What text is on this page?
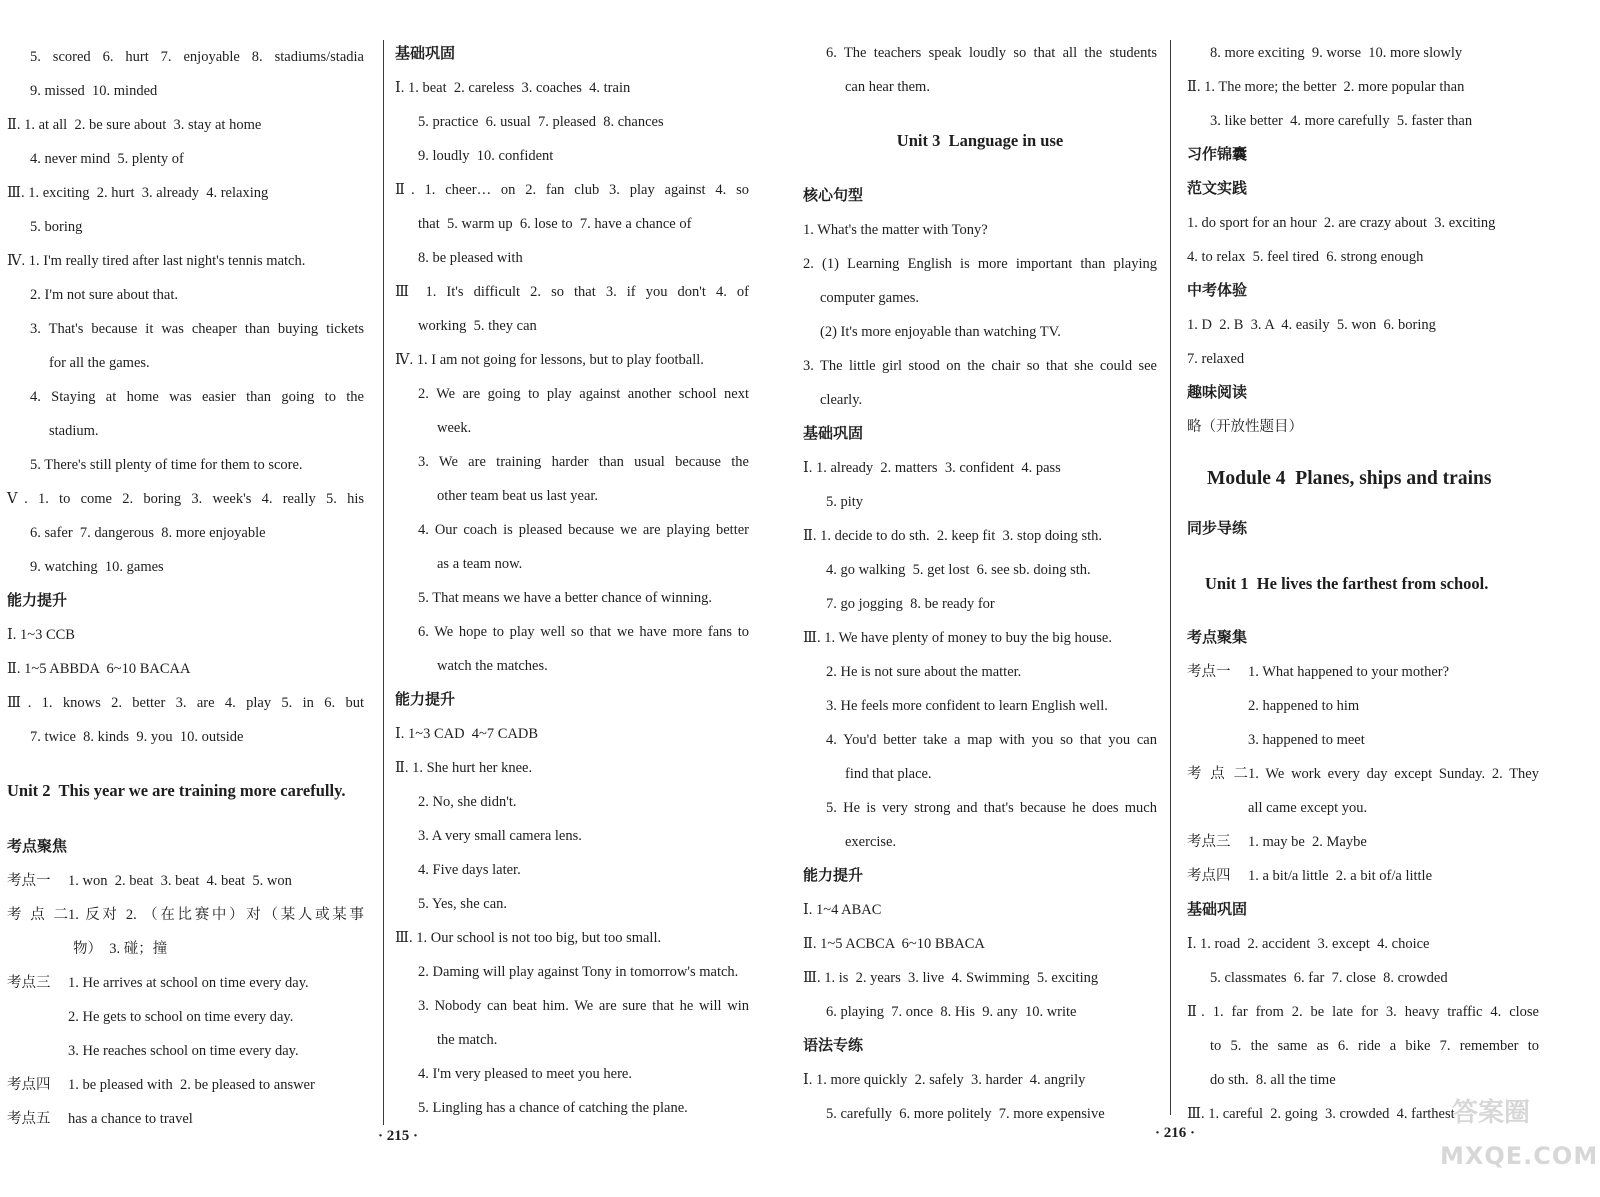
5. scored 6. hurt 7. enjoyable 8. stadiums/stadia
9. missed  10. minded
Ⅱ. 1. at all  2. be sure about  3. stay at home
4. never mind  5. plenty of
Ⅲ. 1. exciting  2. hurt  3. already  4. relaxing
5. boring
Ⅳ. 1. I'm really tired after last night's tennis match.
2. I'm not sure about that.
3. That's because it was cheaper than buying tickets
for all the games.
4. Staying at home was easier than going to the
stadium.
5. There's still plenty of time for them to score.
Ⅴ. 1. to come 2. boring 3. week's 4. really 5. his
6. safer  7. dangerous  8. more enjoyable
9. watching  10. games
能力提升
Ⅰ. 1~3 CCB
Ⅱ. 1~5 ABBDA  6~10 BACAA
Ⅲ. 1. knows 2. better 3. are 4. play 5. in 6. but
7. twice  8. kinds  9. you  10. outside
Unit 2  This year we are training more carefully.
考点聚焦
考点一 1. won  2. beat  3. beat  4. beat  5. won
考点二1. 反对 2. （在比赛中）对（某人或某事
物）  3. 碰；撞
考点三 1. He arrives at school on time every day.
2. He gets to school on time every day.
3. He reaches school on time every day.
考点四 1. be pleased with  2. be pleased to answer
考点五 has a chance to travel
基础巩固
Ⅰ. 1. beat  2. careless  3. coaches  4. train
5. practice  6. usual  7. pleased  8. chances
9. loudly  10. confident
Ⅱ. 1. cheer… on 2. fan club 3. play against 4. so
that  5. warm up  6. lose to  7. have a chance of
8. be pleased with
Ⅲ 1. It's difficult 2. so that 3. if you don't 4. of
working  5. they can
Ⅳ. 1. I am not going for lessons, but to play football.
2. We are going to play against another school next
week.
3. We are training harder than usual because the
other team beat us last year.
4. Our coach is pleased because we are playing better
as a team now.
5. That means we have a better chance of winning.
6. We hope to play well so that we have more fans to
watch the matches.
能力提升
Ⅰ. 1~3 CAD  4~7 CADB
Ⅱ. 1. She hurt her knee.
2. No, she didn't.
3. A very small camera lens.
4. Five days later.
5. Yes, she can.
Ⅲ. 1. Our school is not too big, but too small.
2. Daming will play against Tony in tomorrow's match.
3. Nobody can beat him. We are sure that he will win
the match.
4. I'm very pleased to meet you here.
5. Lingling has a chance of catching the plane.
· 215 ·
6. The teachers speak loudly so that all the students
can hear them.
Unit 3  Language in use
核心句型
1. What's the matter with Tony?
2. (1) Learning English is more important than playing
computer games.
(2) It's more enjoyable than watching TV.
3. The little girl stood on the chair so that she could see
clearly.
基础巩固
Ⅰ. 1. already  2. matters  3. confident  4. pass
5. pity
Ⅱ. 1. decide to do sth.  2. keep fit  3. stop doing sth.
4. go walking  5. get lost  6. see sb. doing sth.
7. go jogging  8. be ready for
Ⅲ. 1. We have plenty of money to buy the big house.
2. He is not sure about the matter.
3. He feels more confident to learn English well.
4. You'd better take a map with you so that you can
find that place.
5. He is very strong and that's because he does much
exercise.
能力提升
Ⅰ. 1~4 ABAC
Ⅱ. 1~5 ACBCA  6~10 BBACA
Ⅲ. 1. is  2. years  3. live  4. Swimming  5. exciting
6. playing  7. once  8. His  9. any  10. write
语法专练
Ⅰ. 1. more quickly  2. safely  3. harder  4. angrily
5. carefully  6. more politely  7. more expensive
· 216 ·
8. more exciting  9. worse  10. more slowly
Ⅱ. 1. The more; the better  2. more popular than
3. like better  4. more carefully  5. faster than
习作锦囊
范文实践
1. do sport for an hour  2. are crazy about  3. exciting
4. to relax  5. feel tired  6. strong enough
中考体验
1. D  2. B  3. A  4. easily  5. won  6. boring
7. relaxed
趣味阅读
略（开放性题目）
Module 4  Planes, ships and trains
同步导练
Unit 1  He lives the farthest from school.
考点聚集
考点一 1. What happened to your mother?
2. happened to him
3. happened to meet
考点二1. We work every day except Sunday. 2. They
all came except you.
考点三 1. may be  2. Maybe
考点四 1. a bit/a little  2. a bit of/a little
基础巩固
Ⅰ. 1. road  2. accident  3. except  4. choice
5. classmates  6. far  7. close  8. crowded
Ⅱ. 1. far from 2. be late for 3. heavy traffic 4. close
to 5. the same as 6. ride a bike 7. remember to
do sth.  8. all the time
Ⅲ. 1. careful  2. going  3. crowded  4. farthest
答案圈
MXQE.COM
